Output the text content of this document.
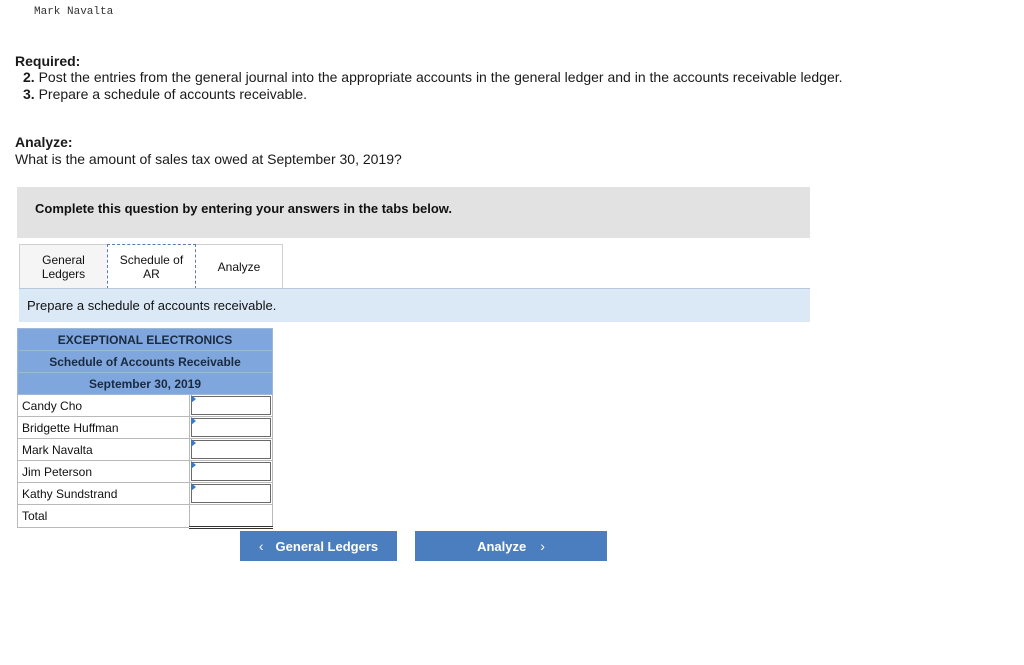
Mark Navalta
Required:
2. Post the entries from the general journal into the appropriate accounts in the general ledger and in the accounts receivable ledger.
3. Prepare a schedule of accounts receivable.
Analyze:
What is the amount of sales tax owed at September 30, 2019?
Complete this question by entering your answers in the tabs below.
General
Ledgers
Schedule of
AR	Analyze
Prepare a schedule of accounts receivable.
EXCEPTIONAL ELECTRONICS	
Schedule of Accounts Receivable	
September 30, 2019	
Candy Cho	

Bridgette Huffman	

Mark Navalta	

Jim Peterson	

Kathy Sundstrand	

Total	
‹ General Ledgers	Analyze ›
